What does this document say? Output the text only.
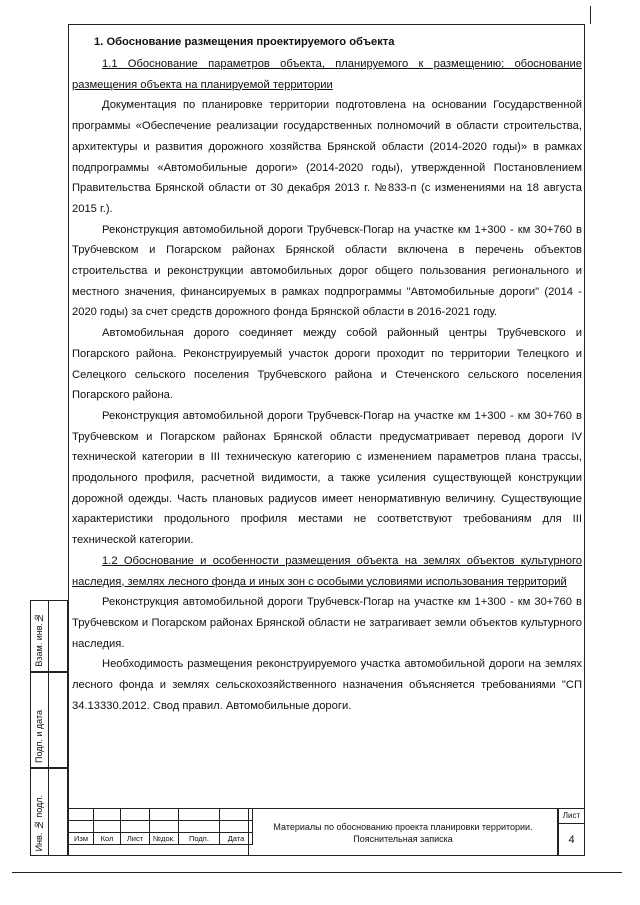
1. Обоснование размещения проектируемого объекта

1.1 Обоснование параметров объекта, планируемого к размещению; обоснование размещения объекта на планируемой территории

Документация по планировке территории подготовлена на основании Государственной программы «Обеспечение реализации государственных полномочий в области строительства, архитектуры и развития дорожного хозяйства Брянской области (2014-2020 годы)» в рамках подпрограммы «Автомобильные дороги» (2014-2020 годы), утвержденной Постановлением Правительства Брянской области от 30 декабря 2013 г. №833-п (с изменениями на 18 августа 2015 г.).

Реконструкция автомобильной дороги Трубчевск-Погар на участке км 1+300 - км 30+760 в Трубчевском и Погарском районах Брянской области включена в перечень объектов строительства и реконструкции автомобильных дорог общего пользования регионального и местного значения, финансируемых в рамках подпрограммы "Автомобильные дороги" (2014 - 2020 годы) за счет средств дорожного фонда Брянской области в 2016-2021 году.

Автомобильная дорого соединяет между собой районный центры Трубчевского и Погарского района. Реконструируемый участок дороги проходит по территории Телецкого и Селецкого сельского поселения Трубчевского района и Стеченского сельского поселения Погарского района.

Реконструкция автомобильной дороги Трубчевск-Погар на участке км 1+300 - км 30+760 в Трубчевском и Погарском районах Брянской области предусматривает перевод дороги IV технической категории в III техническую категорию с изменением параметров плана трассы, продольного профиля, расчетной видимости, а также усиления существующей конструкции дорожной одежды. Часть плановых радиусов имеет ненормативную величину. Существующие характеристики продольного профиля местами не соответствуют требованиям для III технической категории.

1.2 Обоснование и особенности размещения объекта на землях объектов культурного наследия, землях лесного фонда и иных зон с особыми условиями использования территорий

Реконструкция автомобильной дороги Трубчевск-Погар на участке км 1+300 - км 30+760 в Трубчевском и Погарском районах Брянской области не затрагивает земли объектов культурного наследия.

Необходимость размещения реконструируемого участка автомобильной дороги на землях лесного фонда и землях сельскохозяйственного назначения объясняется требованиями "СП 34.13330.2012. Свод правил. Автомобильные дороги.

Взам. инв.№
Подп. и дата
Инв. № подл.

						Изм	Кол	Лист	№док.	Подп.	Дата
Материалы по обоснованию проекта планировки территории.
Пояснительная записка
Лист
4
